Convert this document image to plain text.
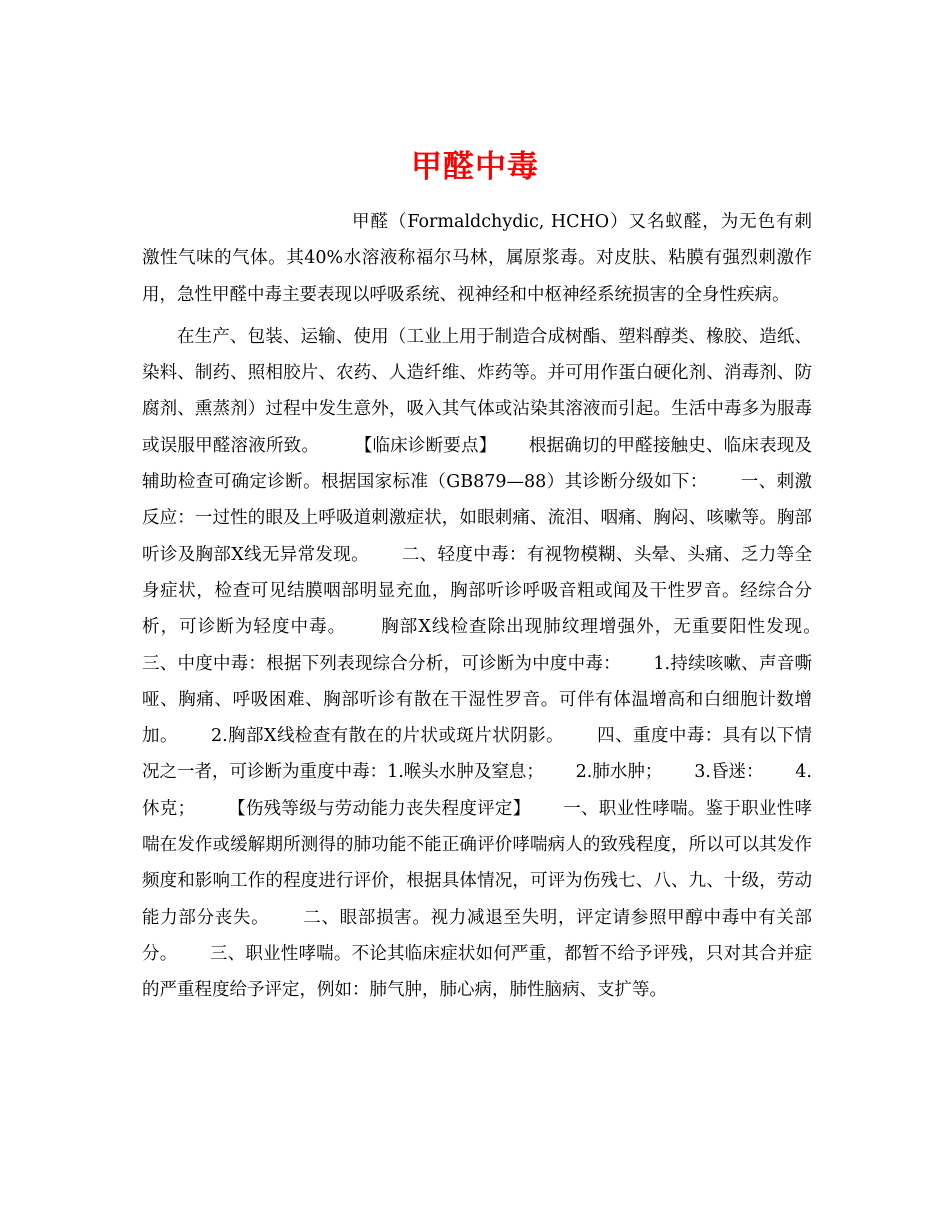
甲醛中毒

甲醛（Formaldchydic, HCHO）又名蚁醛，为无色有刺激性气味的气体。其40%水溶液称福尔马林，属原浆毒。对皮肤、粘膜有强烈刺激作用，急性甲醛中毒主要表现以呼吸系统、视神经和中枢神经系统损害的全身性疾病。

在生产、包装、运输、使用（工业上用于制造合成树酯、塑料醇类、橡胶、造纸、染料、制药、照相胶片、农药、人造纤维、炸药等。并可用作蛋白硬化剂、消毒剂、防腐剂、熏蒸剂）过程中发生意外，吸入其气体或沾染其溶液而引起。生活中毒多为服毒或误服甲醛溶液所致。　　　【临床诊断要点】　　 根据确切的甲醛接触史、临床表现及辅助检查可确定诊断。根据国家标准（GB879—88）其诊断分级如下：　　 一、刺激反应：一过性的眼及上呼吸道刺激症状，如眼刺痛、流泪、咽痛、胸闷、咳嗽等。胸部听诊及胸部X线无异常发现。　　 二、轻度中毒：有视物模糊、头晕、头痛、乏力等全身症状，检查可见结膜咽部明显充血，胸部听诊呼吸音粗或闻及干性罗音。经综合分析，可诊断为轻度中毒。　　 胸部X线检查除出现肺纹理增强外，无重要阳性发现。　　 三、中度中毒：根据下列表现综合分析，可诊断为中度中毒：　　 1.持续咳嗽、声音嘶哑、胸痛、呼吸困难、胸部听诊有散在干湿性罗音。可伴有体温增高和白细胞计数增加。　　 2.胸部X线检查有散在的片状或斑片状阴影。　　 四、重度中毒：具有以下情况之一者，可诊断为重度中毒：1.喉头水肿及窒息；　　 2.肺水肿；　　 3.昏迷：　　 4.休克；　　 【伤残等级与劳动能力丧失程度评定】　　 一、职业性哮喘。鉴于职业性哮喘在发作或缓解期所测得的肺功能不能正确评价哮喘病人的致残程度，所以可以其发作频度和影响工作的程度进行评价，根据具体情况，可评为伤残七、八、九、十级，劳动能力部分丧失。　　 二、眼部损害。视力减退至失明，评定请参照甲醇中毒中有关部分。　　 三、职业性哮喘。不论其临床症状如何严重，都暂不给予评残，只对其合并症的严重程度给予评定，例如：肺气肿，肺心病，肺性脑病、支扩等。
